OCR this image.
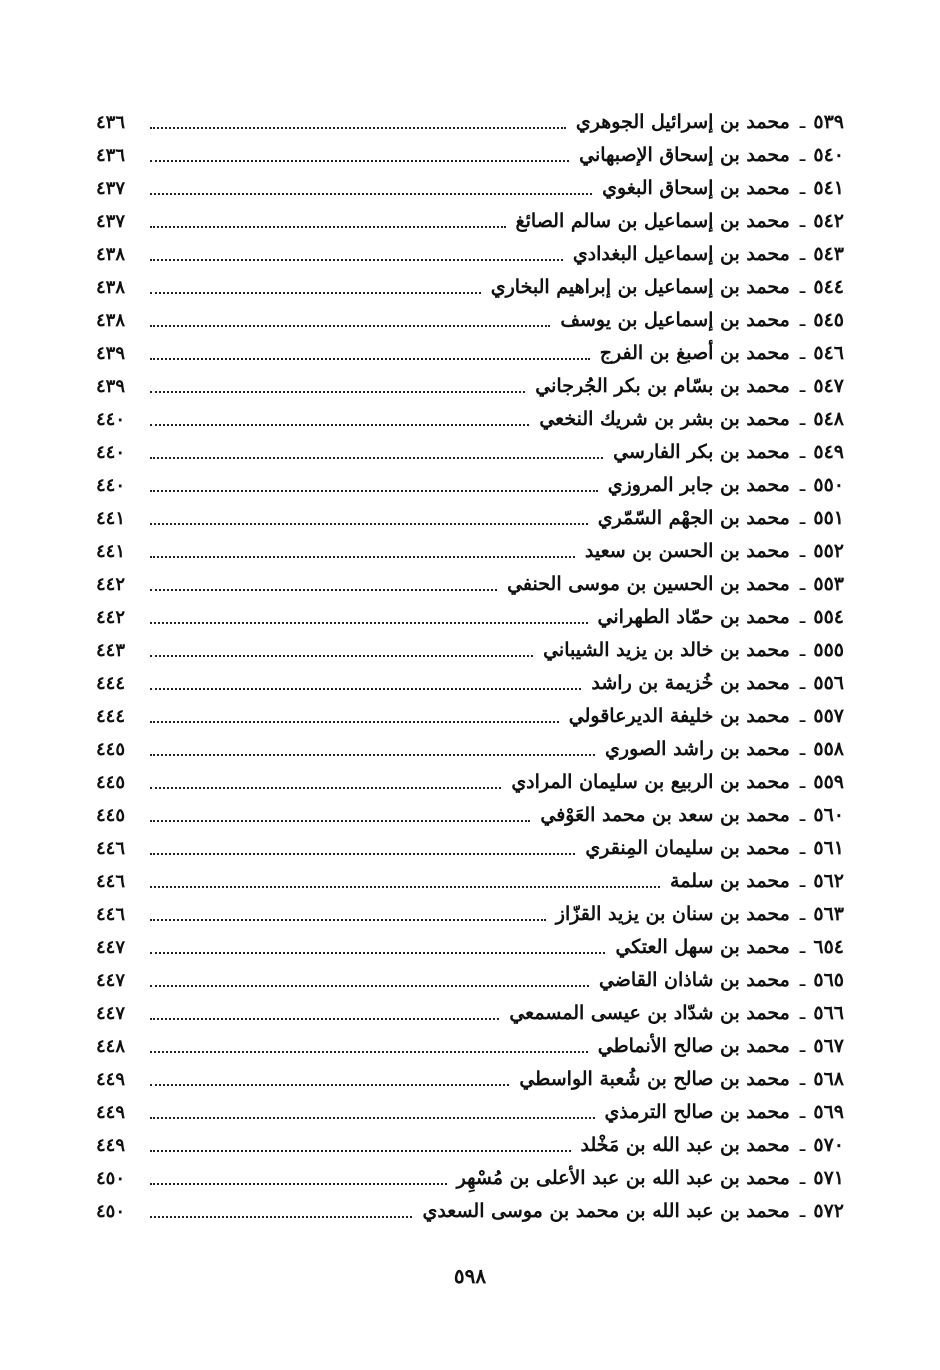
٥٣٩
ـ
محمد بن إسرائيل الجوهري
٤٣٦
٥٤٠
ـ
محمد بن إسحاق الإصبهاني
٤٣٦
٥٤١
ـ
محمد بن إسحاق البغوي
٤٣٧
٥٤٢
ـ
محمد بن إسماعيل بن سالم الصائغ
٤٣٧
٥٤٣
ـ
محمد بن إسماعيل البغدادي
٤٣٨
٥٤٤
ـ
محمد بن إسماعيل بن إبراهيم البخاري
٤٣٨
٥٤٥
ـ
محمد بن إسماعيل بن يوسف
٤٣٨
٥٤٦
ـ
محمد بن أصبغ بن الفرج
٤٣٩
٥٤٧
ـ
محمد بن بسّام بن بكر الجُرجاني
٤٣٩
٥٤٨
ـ
محمد بن بشر بن شريك النخعي
٤٤٠
٥٤٩
ـ
محمد بن بكر الفارسي
٤٤٠
٥٥٠
ـ
محمد بن جابر المروزي
٤٤٠
٥٥١
ـ
محمد بن الجهْم السّمّري
٤٤١
٥٥٢
ـ
محمد بن الحسن بن سعيد
٤٤١
٥٥٣
ـ
محمد بن الحسين بن موسى الحنفي
٤٤٢
٥٥٤
ـ
محمد بن حمّاد الطهراني
٤٤٢
٥٥٥
ـ
محمد بن خالد بن يزيد الشيباني
٤٤٣
٥٥٦
ـ
محمد بن خُزيمة بن راشد
٤٤٤
٥٥٧
ـ
محمد بن خليفة الديرعاقولي
٤٤٤
٥٥٨
ـ
محمد بن راشد الصوري
٤٤٥
٥٥٩
ـ
محمد بن الربيع بن سليمان المرادي
٤٤٥
٥٦٠
ـ
محمد بن سعد بن محمد العَوْفي
٤٤٥
٥٦١
ـ
محمد بن سليمان المِنقري
٤٤٦
٥٦٢
ـ
محمد بن سلمة
٤٤٦
٥٦٣
ـ
محمد بن سنان بن يزيد القزّاز
٤٤٦
٦٥٤
ـ
محمد بن سهل العتكي
٤٤٧
٥٦٥
ـ
محمد بن شاذان القاضي
٤٤٧
٥٦٦
ـ
محمد بن شدّاد بن عيسى المسمعي
٤٤٧
٥٦٧
ـ
محمد بن صالح الأنماطي
٤٤٨
٥٦٨
ـ
محمد بن صالح بن شُعبة الواسطي
٤٤٩
٥٦٩
ـ
محمد بن صالح الترمذي
٤٤٩
٥٧٠
ـ
محمد بن عبد الله بن مَخْلد
٤٤٩
٥٧١
ـ
محمد بن عبد الله بن عبد الأعلى بن مُسْهِر
٤٥٠
٥٧٢
ـ
محمد بن عبد الله بن محمد بن موسى السعدي
٤٥٠
٥٩٨
